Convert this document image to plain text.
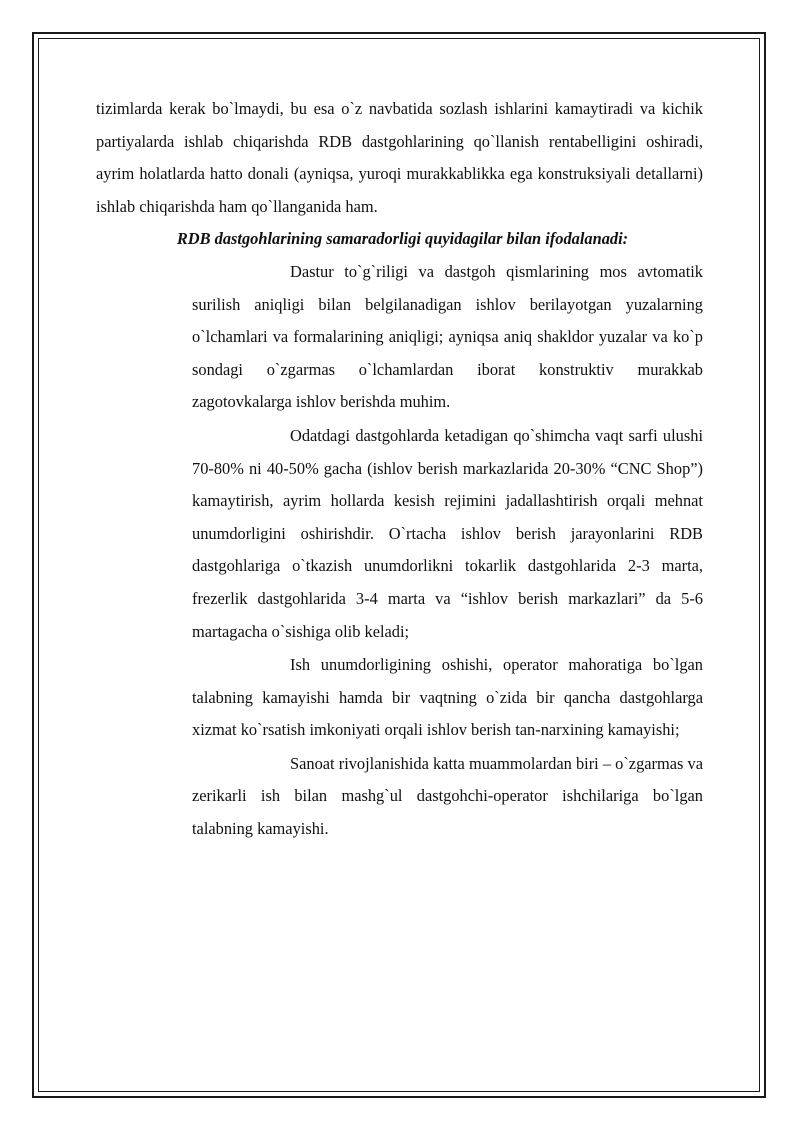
tizimlarda kerak bo`lmaydi, bu esa o`z navbatida sozlash ishlarini kamaytiradi va kichik partiyalarda ishlab chiqarishda RDB dastgohlarining qo`llanish rentabelligini oshiradi, ayrim holatlarda hatto donali (ayniqsa, yuroqi murakkablikka ega konstruksiyali detallarni) ishlab chiqarishda ham qo`llanganida ham.

RDB dastgohlarining samaradorligi quyidagilar bilan ifodalanadi:

Dastur to`g`riligi va dastgoh qismlarining mos avtomatik surilish aniqligi bilan belgilanadigan ishlov berilayotgan yuzalarning o`lchamlari va formalarining aniqligi; ayniqsa aniq shakldor yuzalar va ko`p sondagi o`zgarmas o`lchamlardan iborat konstruktiv murakkab zagotovkalarga ishlov berishda muhim.
Odatdagi dastgohlarda ketadigan qo`shimcha vaqt sarfi ulushi 70-80% ni 40-50% gacha (ishlov berish markazlarida 20-30% “CNC Shop”) kamaytirish, ayrim hollarda kesish rejimini jadallashtirish orqali mehnat unumdorligini oshirishdir. O`rtacha ishlov berish jarayonlarini RDB dastgohlariga o`tkazish unumdorlikni tokarlik dastgohlarida 2-3 marta, frezerlik dastgohlarida 3-4 marta va “ishlov berish markazlari” da 5-6 martagacha o`sishiga olib keladi;
Ish unumdorligining oshishi, operator mahoratiga bo`lgan talabning kamayishi hamda bir vaqtning o`zida bir qancha dastgohlarga xizmat ko`rsatish imkoniyati orqali ishlov berish tan-narxining kamayishi;
Sanoat rivojlanishida katta muammolardan biri – o`zgarmas va zerikarli ish bilan mashg`ul dastgohchi-operator ishchilariga bo`lgan talabning kamayishi.
